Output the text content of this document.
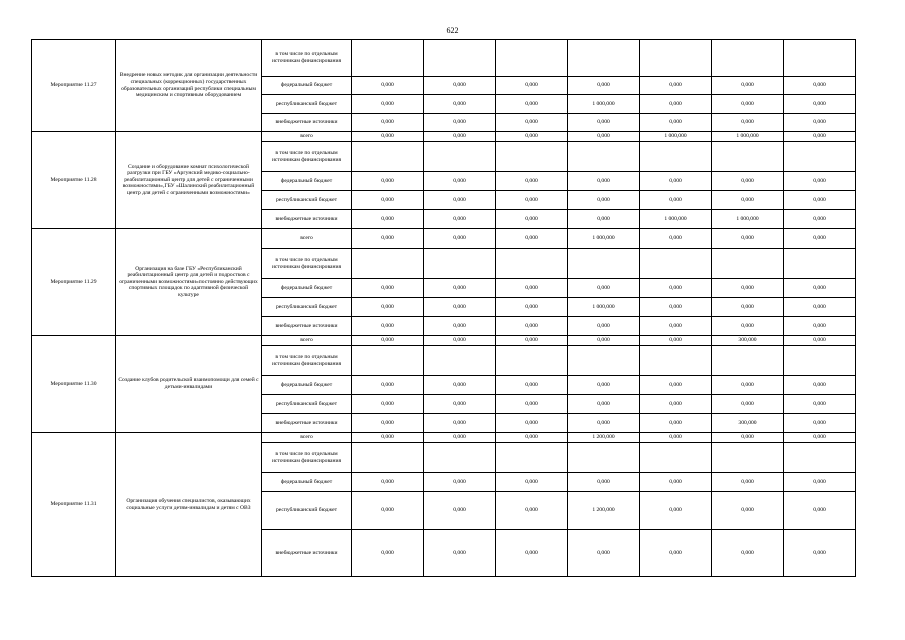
622
Мероприятие 11.27	Внедрение новых методик для организации деятельности специальных (коррекционных) государственных образовательных организаций республики специальным медицинским и спортивным оборудованием	в том числе по отдельным источникам финансирования							
		федеральный бюджет	0,000	0,000	0,000	0,000	0,000	0,000	0,000
		республиканский бюджет	0,000	0,000	0,000	1 000,000	0,000	0,000	0,000
		внебюджетные источники	0,000	0,000	0,000	0,000	0,000	0,000	0,000
Мероприятие 11.28	Создание и оборудование комнат психологической разгрузки при ГБУ «Аргунский медико-социально-реабилитационный центр для детей с ограниченными возможностями»,ГБУ «Шалинский реабилитационный центр для детей с ограниченными возможностями»	всего	0,000	0,000	0,000	0,000	1 000,000	1 000,000	0,000
		в том числе по отдельным источникам финансирования							
		федеральный бюджет	0,000	0,000	0,000	0,000	0,000	0,000	0,000
		республиканский бюджет	0,000	0,000	0,000	0,000	0,000	0,000	0,000
		внебюджетные источники	0,000	0,000	0,000	0,000	1 000,000	1 000,000	0,000
Мероприятие 11.29	Организация на базе ГБУ «Республиканский реабилитационный центр для детей и подростков с ограниченными возможностями»постоянно действующих спортивных площадок по адаптивной физической культуре	всего	0,000	0,000	0,000	1 000,000	0,000	0,000	0,000
		в том числе по отдельным источникам финансирования							
		федеральный бюджет	0,000	0,000	0,000	0,000	0,000	0,000	0,000
		республиканский бюджет	0,000	0,000	0,000	1 000,000	0,000	0,000	0,000
		внебюджетные источники	0,000	0,000	0,000	0,000	0,000	0,000	0,000
Мероприятие 11.30	Создание клубов родительской взаимопомощи для семей с детьми-инвалидами	всего	0,000	0,000	0,000	0,000	0,000	300,000	0,000
		в том числе по отдельным источникам финансирования							
		федеральный бюджет	0,000	0,000	0,000	0,000	0,000	0,000	0,000
		республиканский бюджет	0,000	0,000	0,000	0,000	0,000	0,000	0,000
		внебюджетные источники	0,000	0,000	0,000	0,000	0,000	300,000	0,000
Мероприятие 11.31	Организация обучения специалистов, оказывающих социальные услуги детям-инвалидам и детям с ОВЗ	всего	0,000	0,000	0,000	1 200,000	0,000	0,000	0,000
		в том числе по отдельным источникам финансирования							
		федеральный бюджет	0,000	0,000	0,000	0,000	0,000	0,000	0,000
		республиканский бюджет	0,000	0,000	0,000	1 200,000	0,000	0,000	0,000
		внебюджетные источники	0,000	0,000	0,000	0,000	0,000	0,000	0,000
